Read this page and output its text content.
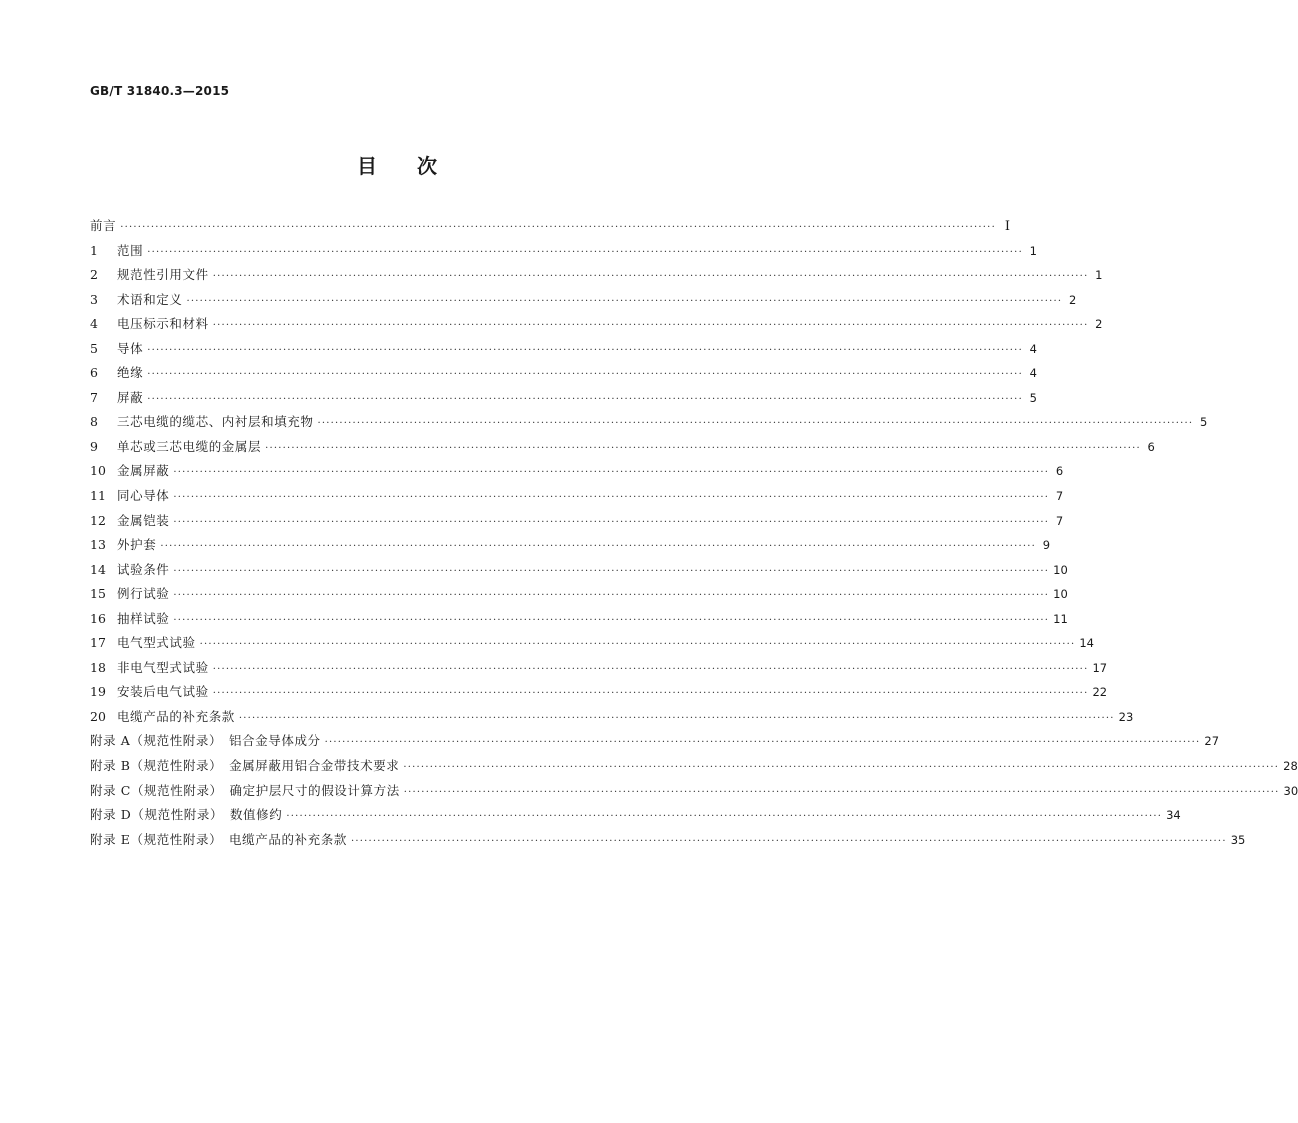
GB/T 31840.3—2015
目　　次
前言 ········································································································································································································ Ⅰ
1	范围 ········································································································································································································ 1
2	规范性引用文件 ········································································································································································································ 1
3	术语和定义 ········································································································································································································ 2
4	电压标示和材料 ········································································································································································································ 2
5	导体 ········································································································································································································ 4
6	绝缘 ········································································································································································································ 4
7	屏蔽 ········································································································································································································ 5
8	三芯电缆的缆芯、内衬层和填充物 ········································································································································································································ 5
9	单芯或三芯电缆的金属层 ········································································································································································································ 6
10 金属屏蔽 ········································································································································································································ 6
11 同心导体 ········································································································································································································ 7
12 金属铠装 ········································································································································································································ 7
13 外护套 ········································································································································································································ 9
14 试验条件 ········································································································································································································ 10
15 例行试验 ········································································································································································································ 10
16 抽样试验 ········································································································································································································ 11
17 电气型式试验 ········································································································································································································ 14
18 非电气型式试验 ········································································································································································································ 17
19 安装后电气试验 ········································································································································································································ 22
20 电缆产品的补充条款 ········································································································································································································ 23
附录 A（规范性附录）　铝合金导体成分 ········································································································································································································ 27
附录 B（规范性附录）　金属屏蔽用铝合金带技术要求 ········································································································································································································ 28
附录 C（规范性附录）　确定护层尺寸的假设计算方法 ········································································································································································································ 30
附录 D（规范性附录）　数值修约 ········································································································································································································ 34
附录 E（规范性附录）　电缆产品的补充条款 ········································································································································································································ 35
